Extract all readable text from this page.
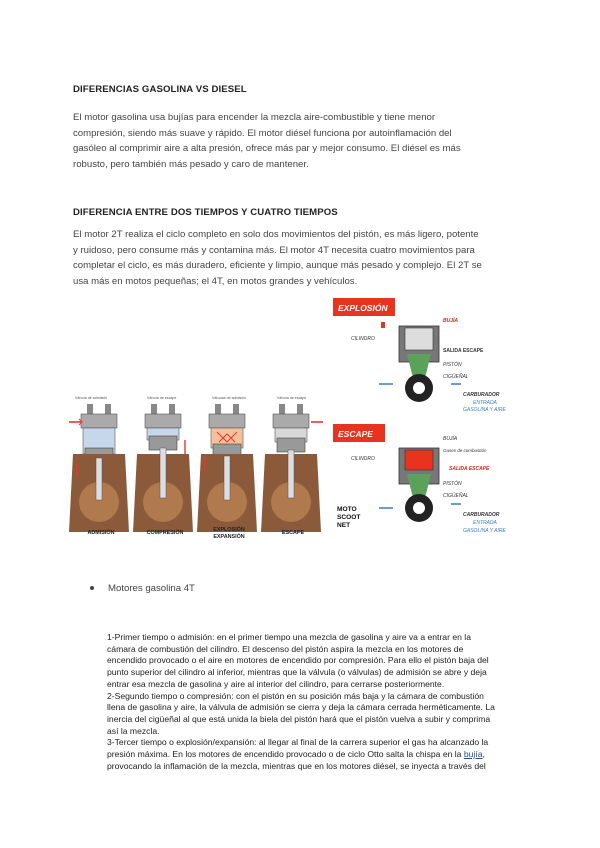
DIFERENCIAS GASOLINA VS DIESEL
El motor gasolina usa bujías para encender la mezcla aire-combustible y tiene menor
compresión, siendo más suave y rápido. El motor diésel funciona por autoinflamación del
gasóleo al comprimir aire a alta presión, ofrece más par y mejor consumo. El diésel es más
robusto, pero también más pesado y caro de mantener.
DIFERENCIA ENTRE DOS TIEMPOS Y CUATRO TIEMPOS
El motor 2T realiza el ciclo completo en solo dos movimientos del pistón, es más ligero, potente
y ruidoso, pero consume más y contamina más. El motor 4T necesita cuatro movimientos para
completar el ciclo, es más duradero, eficiente y limpio, aunque más pesado y complejo. El 2T se
usa más en motos pequeñas; el 4T, en motos grandes y vehículos.
Válvula de admisión	Válvula de escape	Válvulas de admisión	Válvula de escape
ADMISIÓN	COMPRESIÓN	EXPLOSIÓN
EXPANSIÓN
ESCAPE
EXPLOSIÓN
BUJÍA
CILINDRO
SALIDA ESCAPE
PISTÓN
CIGÜEÑAL
CARBURADOR
ENTRADA
GASOLINA Y AIRE
ESCAPE	BUJÍA
Gases de combustión
CILINDRO
SALIDA ESCAPE
PISTÓN
CIGÜEÑAL
CARBURADOR
ENTRADA
GASOLINA Y AIRE
MOTO
SCOOT
NET
Motores gasolina 4T
1-Primer tiempo o admisión: en el primer tiempo una mezcla de gasolina y aire va a entrar en la
cámara de combustión del cilindro. El descenso del pistón aspira la mezcla en los motores de
encendido provocado o el aire en motores de encendido por compresión. Para ello el pistón baja del
punto superior del cilindro al inferior, mientras que la válvula (o válvulas) de admisión se abre y deja
entrar esa mezcla de gasolina y aire al interior del cilindro, para cerrarse posteriormente.
2-Segundo tiempo o compresión: con el pistón en su posición más baja y la cámara de combustión
llena de gasolina y aire, la válvula de admisión se cierra y deja la cámara cerrada herméticamente. La
inercia del cigüeñal al que está unida la biela del pistón hará que el pistón vuelva a subir y comprima
así la mezcla.
3-Tercer tiempo o explosión/expansión: al llegar al final de la carrera superior el gas ha alcanzado la
presión máxima. En los motores de encendido provocado o de ciclo Otto salta la chispa en la bujía,
provocando la inflamación de la mezcla, mientras que en los motores diésel, se inyecta a través del
